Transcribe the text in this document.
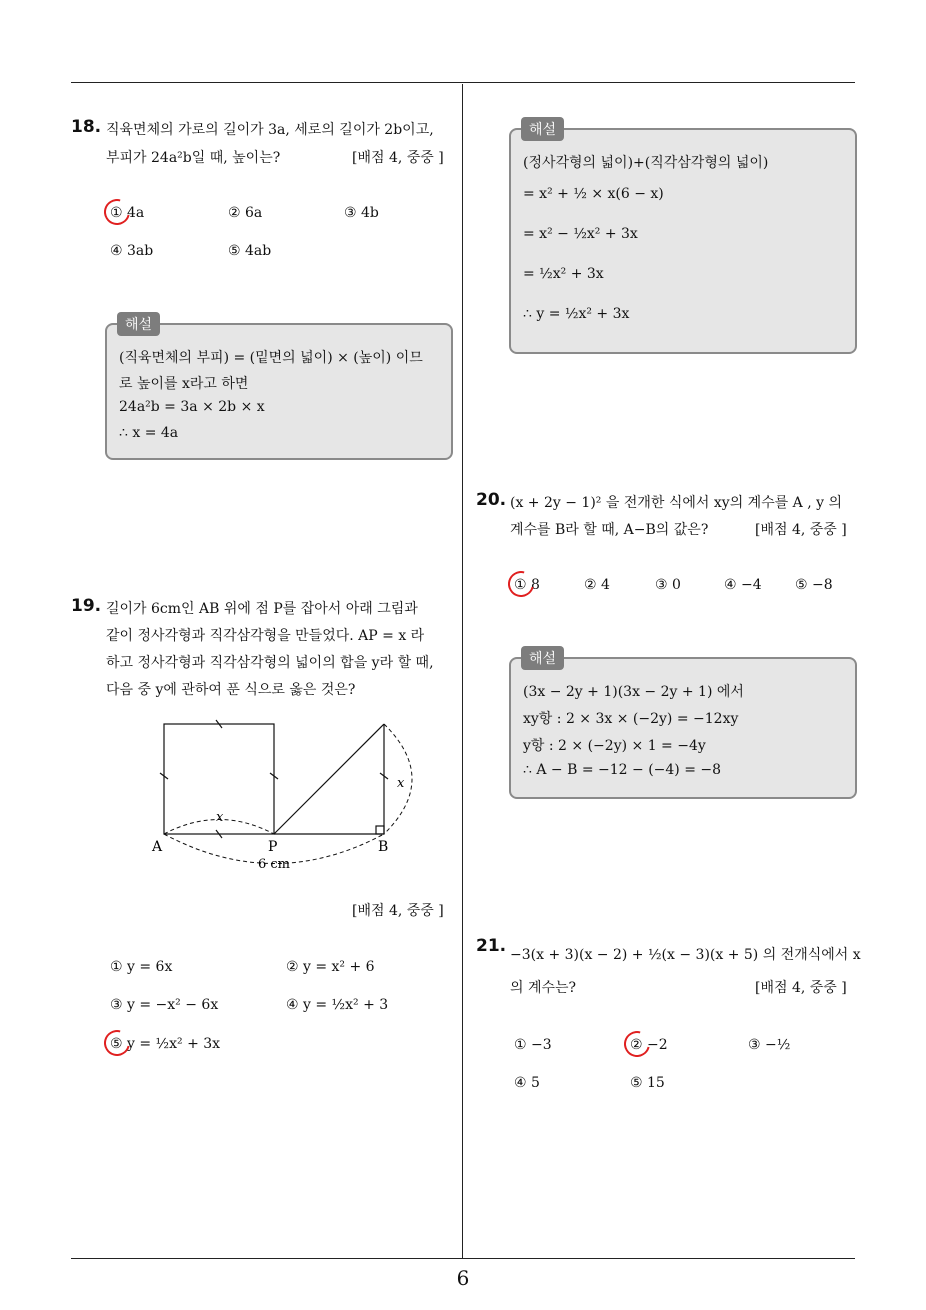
18. 직육면체의 가로의 길이가 3a, 세로의 길이가 2b이고,
부피가 24a²b일 때, 높이는?	[배점 4, 중중 ]
① 4a	② 6a	③ 4b
④ 3ab	⑤ 4ab
해설
(직육면체의 부피) = (밑면의 넓이) × (높이) 이므
로 높이를 x라고 하면
24a²b = 3a × 2b × x
∴ x = 4a
19. 길이가 6cm인 AB 위에 점 P를 잡아서 아래 그림과
같이 정사각형과 직각삼각형을 만들었다. AP = x 라
하고 정사각형과 직각삼각형의 넓이의 합을 y라 할 때,
다음 중 y에 관하여 푼 식으로 옳은 것은?
A	P	B
x
x
6 cm
[배점 4, 중중 ]
① y = 6x	② y = x² + 6
③ y = −x² − 6x	④ y = ½x² + 3
⑤ y = ½x² + 3x
해설
(정사각형의 넓이)+(직각삼각형의 넓이)
= x² + ½ × x(6 − x)
= x² − ½x² + 3x
= ½x² + 3x
∴ y = ½x² + 3x
20. (x + 2y − 1)² 을 전개한 식에서 xy의 계수를 A , y 의
계수를 B라 할 때, A−B의 값은?	[배점 4, 중중 ]
① 8	② 4	③ 0	④ −4 ⑤ −8
해설
(3x − 2y + 1)(3x − 2y + 1) 에서
xy항 : 2 × 3x × (−2y) = −12xy
y항 : 2 × (−2y) × 1 = −4y
∴ A − B = −12 − (−4) = −8
21. −3(x + 3)(x − 2) + ½(x − 3)(x + 5) 의 전개식에서 x
의 계수는?	[배점 4, 중중 ]
① −3	② −2	③ −½
④ 5	⑤ 15
6
